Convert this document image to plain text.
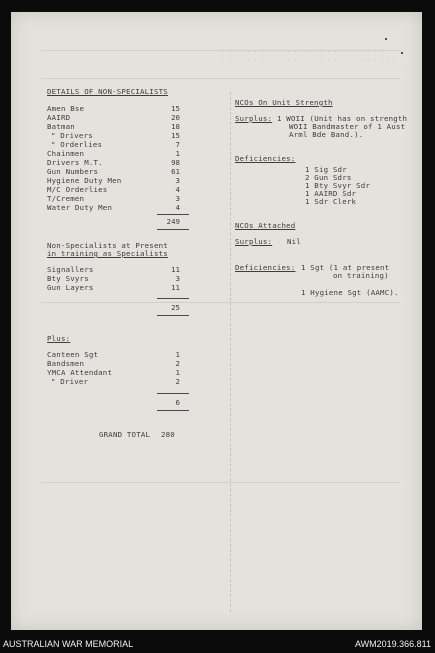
- - - - - - - - - - - - - - - - - - - - - - - - -
- - - - - - - - - - - - - - - - - - - - - - - - - - - -
DETAILS OF NON-SPECIALISTS
Amen Bse	15
AAIRD	20
Batman	18
" Drivers	15
" Orderlies	7
Chainmen	1
Drivers M.T.	98
Gun Numbers	61
Hygiene Duty Men	3
M/C Orderlies	4
T/Cremen	3
Water Duty Men	4
249
Non-Specialists at Present
in training as Specialists
Signallers	11
Bty Svyrs	3
Gun Layers	11
25
Plus:
Canteen Sgt	1
Bandsmen	2
YMCA Attendant	1
" Driver	2
6
GRAND TOTAL 280
NCOs On Unit Strength
Surplus: 1 WOII (Unit has on strength
WOII Bandmaster of 1 Aust
Arml Bde Band.).
Deficiencies:
1 Sig Sdr
2 Gun Sdrs
1 Bty Svyr Sdr
1 AAIRD Sdr
1 Sdr Clerk
NCOs Attached
Surplus: Nil
Deficiencies: 1 Sgt (1 at present
on training)
1 Hygiene Sgt (AAMC).
AUSTRALIAN WAR MEMORIAL	AWM2019.366.811
